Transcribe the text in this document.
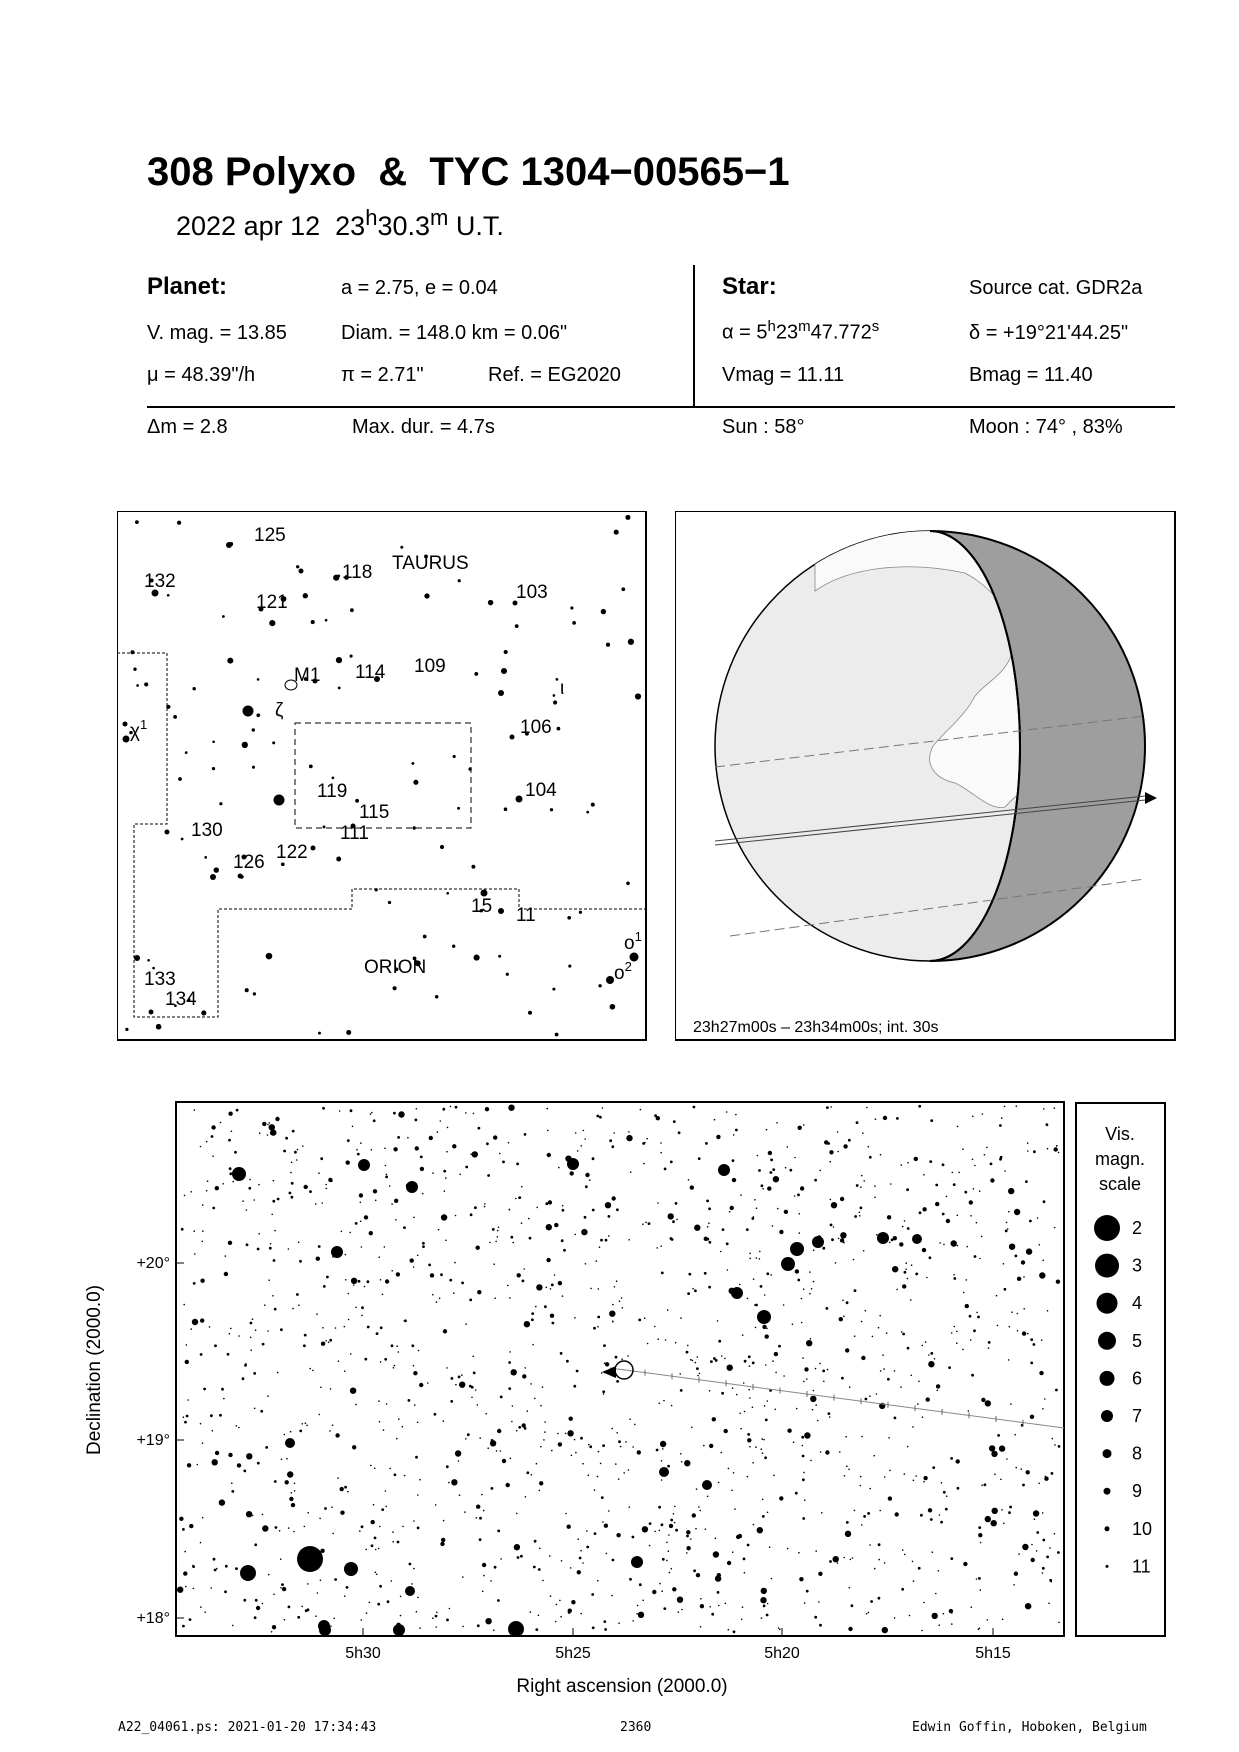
308 Polyxo  &  TYC 1304−00565−1
2022 apr 12 23$^h$30.3$^m$ U.T.
Planet:	a = 2.75, e = 0.04
V. mag. = 13.85	Diam. = 148.0 km = 0.06"
μ = 48.39"/h	π = 2.71"	Ref. = EG2020
Δm = 2.8	Max. dur. = 4.7s
Star:	Source cat. GDR2a
$\alpha = 5^h23^m47.772^s$	δ = +19°21'44.25"
Vmag = 11.11	Bmag = 11.40
Sun : 58°	Moon : 74° , 83%
TAURUS
ORION
125
132
121
118
103
M1 114 109
ι
ζ
106
119
115
104
130	111
126 122
15 11
133
134
$\chi^1$
$o^1$
$o^2$
23h27m00s – 23h34m00s; int. 30s
+20°
+19°
+18°
5h30	5h25	5h20	5h15
Right ascension (2000.0)
Declination (2000.0)
Vis.
magn.
scale
2
3
4
5
6
7
8
9
10
11
A22_04061.ps: 2021-01-20 17:34:43	2360	Edwin Goffin, Hoboken, Belgium
